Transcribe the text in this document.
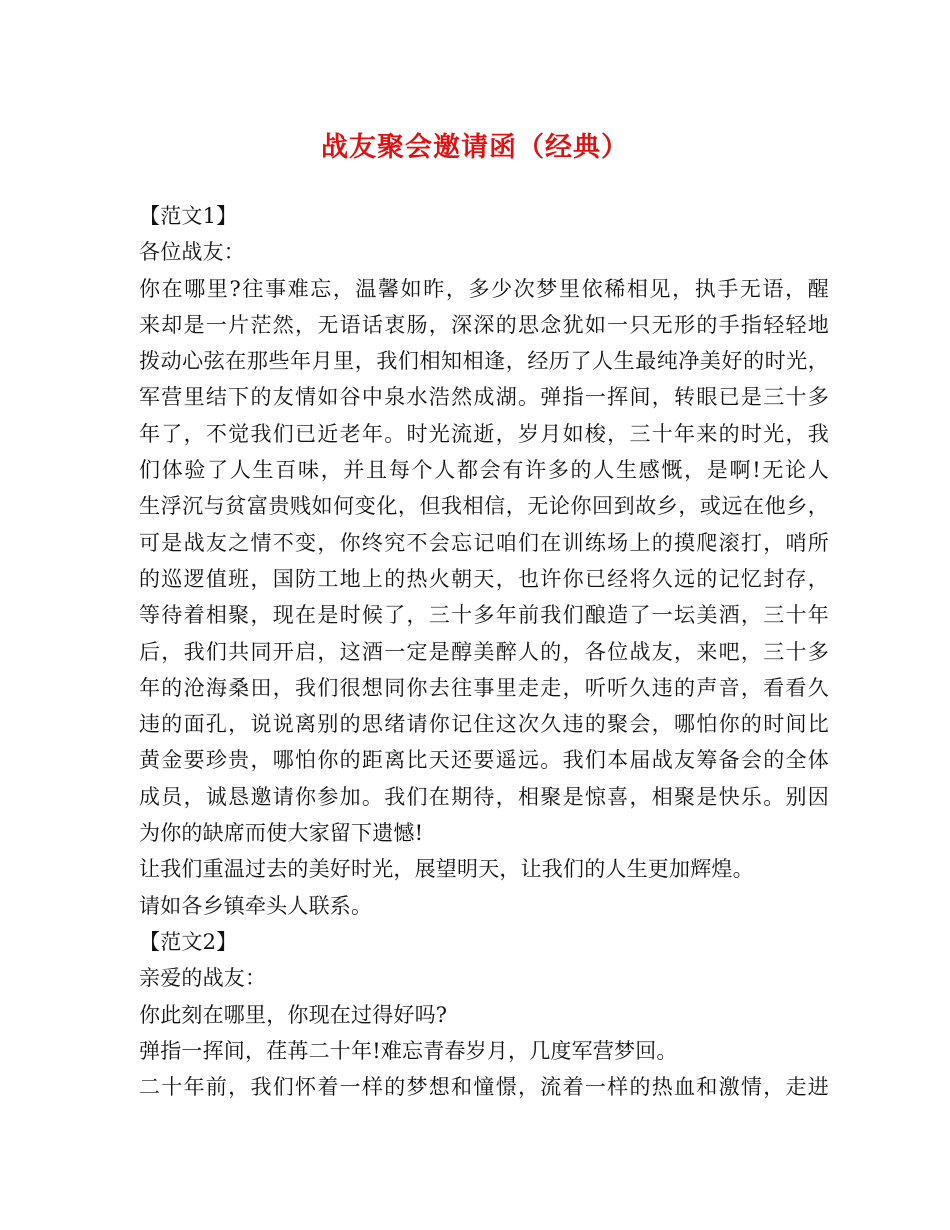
战友聚会邀请函（经典）
【范文1】
各位战友：
你在哪里?往事难忘，温馨如昨，多少次梦里依稀相见，执手无语，醒
来却是一片茫然，无语话衷肠，深深的思念犹如一只无形的手指轻轻地
拨动心弦在那些年月里，我们相知相逢，经历了人生最纯净美好的时光，
军营里结下的友情如谷中泉水浩然成湖。弹指一挥间，转眼已是三十多
年了，不觉我们已近老年。时光流逝，岁月如梭，三十年来的时光，我
们体验了人生百味，并且每个人都会有许多的人生感慨，是啊!无论人
生浮沉与贫富贵贱如何变化，但我相信，无论你回到故乡，或远在他乡，
可是战友之情不变，你终究不会忘记咱们在训练场上的摸爬滚打，哨所
的巡逻值班，国防工地上的热火朝天，也许你已经将久远的记忆封存，
等待着相聚，现在是时候了，三十多年前我们酿造了一坛美酒，三十年
后，我们共同开启，这酒一定是醇美醉人的，各位战友，来吧，三十多
年的沧海桑田，我们很想同你去往事里走走，听听久违的声音，看看久
违的面孔，说说离别的思绪请你记住这次久违的聚会，哪怕你的时间比
黄金要珍贵，哪怕你的距离比天还要遥远。我们本届战友筹备会的全体
成员，诚恳邀请你参加。我们在期待，相聚是惊喜，相聚是快乐。别因
为你的缺席而使大家留下遗憾!
让我们重温过去的美好时光，展望明天，让我们的人生更加辉煌。
请如各乡镇牵头人联系。
【范文2】
亲爱的战友：
你此刻在哪里，你现在过得好吗?
弹指一挥间，荏苒二十年!难忘青春岁月，几度军营梦回。
二十年前，我们怀着一样的梦想和憧憬，流着一样的热血和激情，走进
